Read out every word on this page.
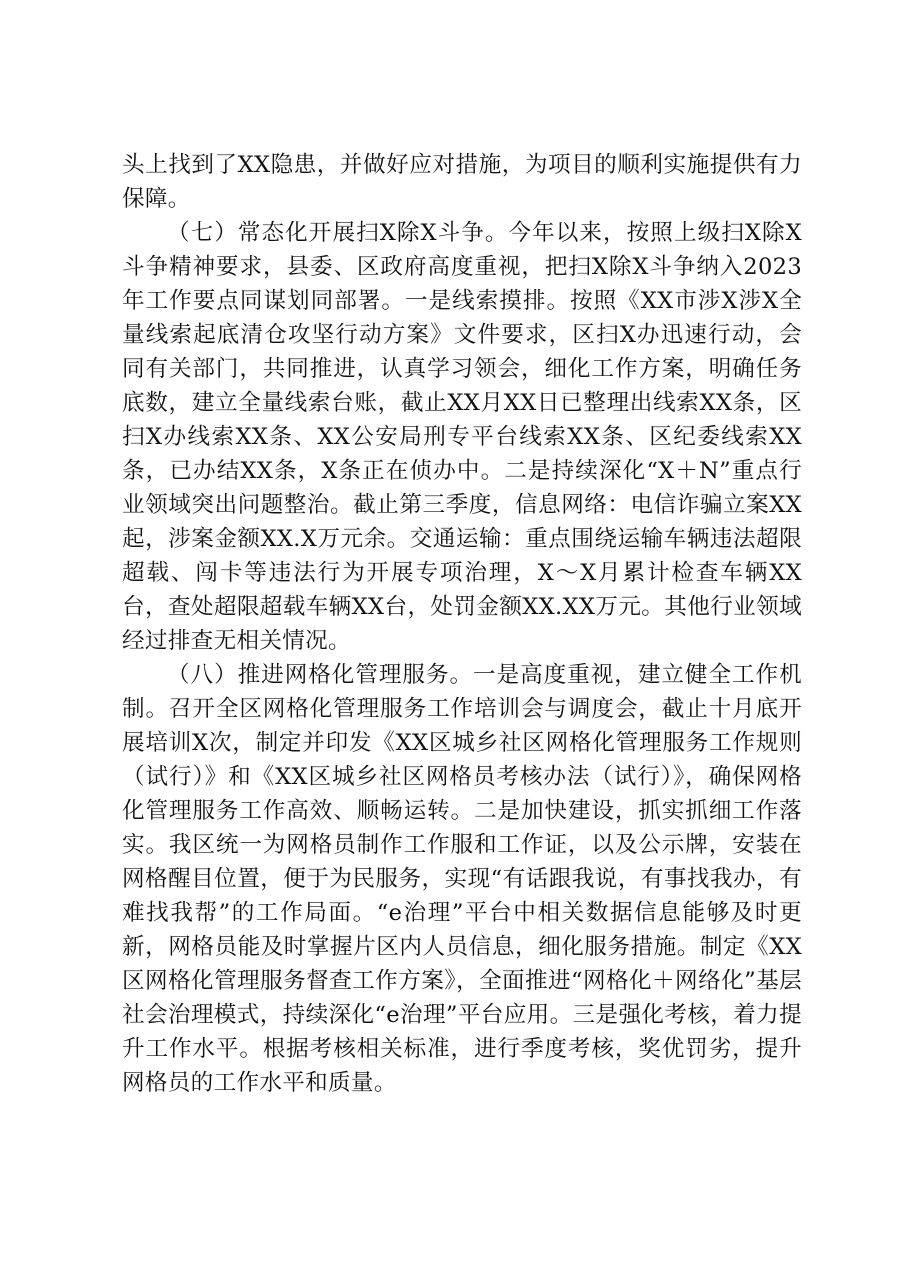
头上找到了XX隐患，并做好应对措施，为项目的顺利实施提供有力保障。

（七）常态化开展扫X除X斗争。今年以来，按照上级扫X除X斗争精神要求，县委、区政府高度重视，把扫X除X斗争纳入2023年工作要点同谋划同部署。一是线索摸排。按照《XX市涉X涉X全量线索起底清仓攻坚行动方案》文件要求，区扫X办迅速行动，会同有关部门，共同推进，认真学习领会，细化工作方案，明确任务底数，建立全量线索台账，截止XX月XX日已整理出线索XX条，区扫X办线索XX条、XX公安局刑专平台线索XX条、区纪委线索XX条，已办结XX条，X条正在侦办中。二是持续深化“X＋N”重点行业领域突出问题整治。截止第三季度，信息网络：电信诈骗立案XX起，涉案金额XX.X万元余。交通运输：重点围绕运输车辆违法超限超载、闯卡等违法行为开展专项治理，X～X月累计检查车辆XX台，查处超限超载车辆XX台，处罚金额XX.XX万元。其他行业领域经过排查无相关情况。

（八）推进网格化管理服务。一是高度重视，建立健全工作机制。召开全区网格化管理服务工作培训会与调度会，截止十月底开展培训X次，制定并印发《XX区城乡社区网格化管理服务工作规则（试行）》和《XX区城乡社区网格员考核办法（试行）》，确保网格化管理服务工作高效、顺畅运转。二是加快建设，抓实抓细工作落实。我区统一为网格员制作工作服和工作证，以及公示牌，安装在网格醒目位置，便于为民服务，实现“有话跟我说，有事找我办，有难找我帮”的工作局面。“e治理”平台中相关数据信息能够及时更新，网格员能及时掌握片区内人员信息，细化服务措施。制定《XX区网格化管理服务督查工作方案》，全面推进“网格化＋网络化”基层社会治理模式，持续深化“e治理”平台应用。三是强化考核，着力提升工作水平。根据考核相关标准，进行季度考核，奖优罚劣，提升网格员的工作水平和质量。
